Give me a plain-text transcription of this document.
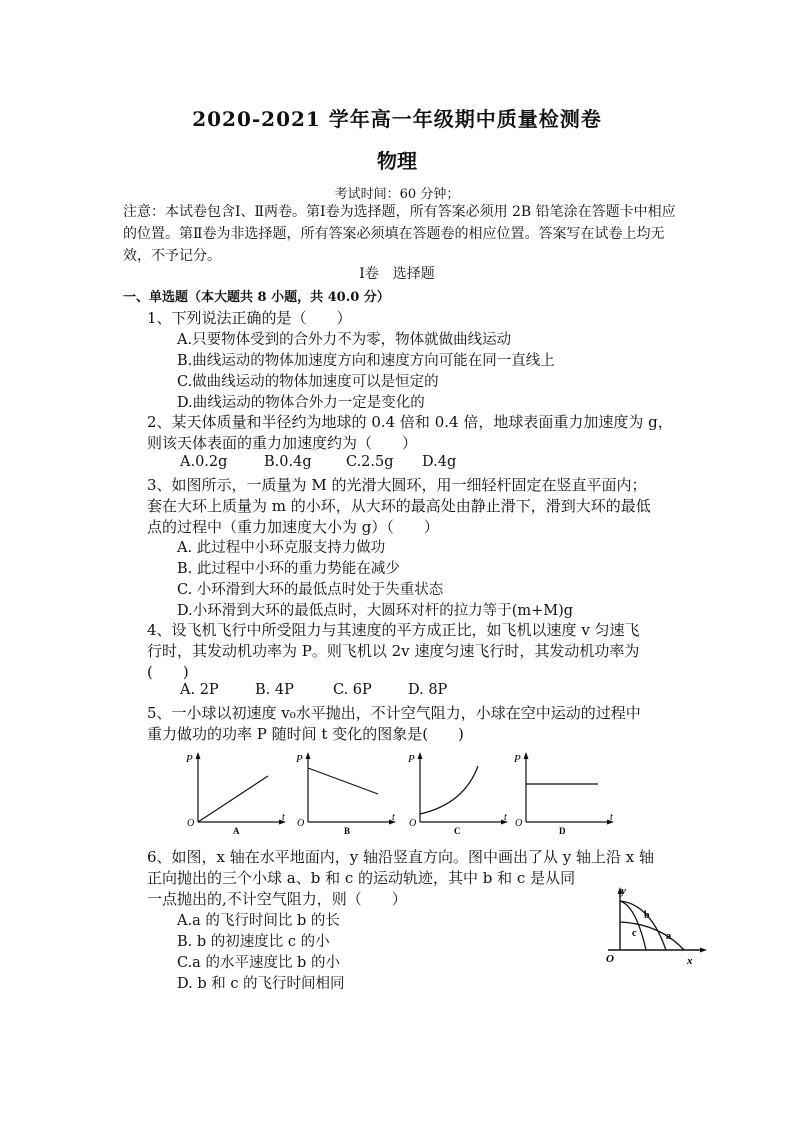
2020-2021 学年高一年级期中质量检测卷
物理
考试时间：60 分钟；
注意：本试卷包含Ⅰ、Ⅱ两卷。第Ⅰ卷为选择题，所有答案必须用 2B 铅笔涂在答题卡中相应的位置。第Ⅱ卷为非选择题，所有答案必须填在答题卷的相应位置。答案写在试卷上均无效，不予记分。
Ⅰ卷　选择题
一、单选题（本大题共 8 小题，共 40.0 分）
1、下列说法正确的是（　　）
A.只要物体受到的合外力不为零，物体就做曲线运动
B.曲线运动的物体加速度方向和速度方向可能在同一直线上
C.做曲线运动的物体加速度可以是恒定的
D.曲线运动的物体合外力一定是变化的
2、某天体质量和半径约为地球的 0.4 倍和 0.4 倍，地球表面重力加速度为 g，
则该天体表面的重力加速度约为（　　）
A.0.2g	B.0.4g C.2.5g D.4g
3、如图所示，一质量为 M 的光滑大圆环，用一细轻杆固定在竖直平面内；
套在大环上质量为 m 的小环，从大环的最高处由静止滑下，滑到大环的最低
点的过程中（重力加速度大小为 g）（　　）
A. 此过程中小环克服支持力做功
B. 此过程中小环的重力势能在减少
C. 小环滑到大环的最低点时处于失重状态
D.小环滑到大环的最低点时，大圆环对杆的拉力等于(m+M)g
4、设飞机飞行中所受阻力与其速度的平方成正比，如飞机以速度 v 匀速飞
行时，其发动机功率为 P。则飞机以 2v 速度匀速飞行时，其发动机功率为
(　　)
A. 2P	B. 4P	C. 6P D. 8P
5、一小球以初速度 v₀水平抛出，不计空气阻力，小球在空中运动的过程中
重力做功的功率 P 随时间 t 变化的图象是(　　)
P
t
O
A
P
t
O
B
P
t
O
C
P
t
O
D
6、如图，x 轴在水平地面内，y 轴沿竖直方向。图中画出了从 y 轴上沿 x 轴
正向抛出的三个小球 a、b 和 c 的运动轨迹，其中 b 和 c 是从同
一点抛出的,不计空气阻力，则（　　）
A.a 的飞行时间比 b 的长
B. b 的初速度比 c 的小
C.a 的水平速度比 b 的小
D. b 和 c 的飞行时间相同
y
x
O
a
b
c
